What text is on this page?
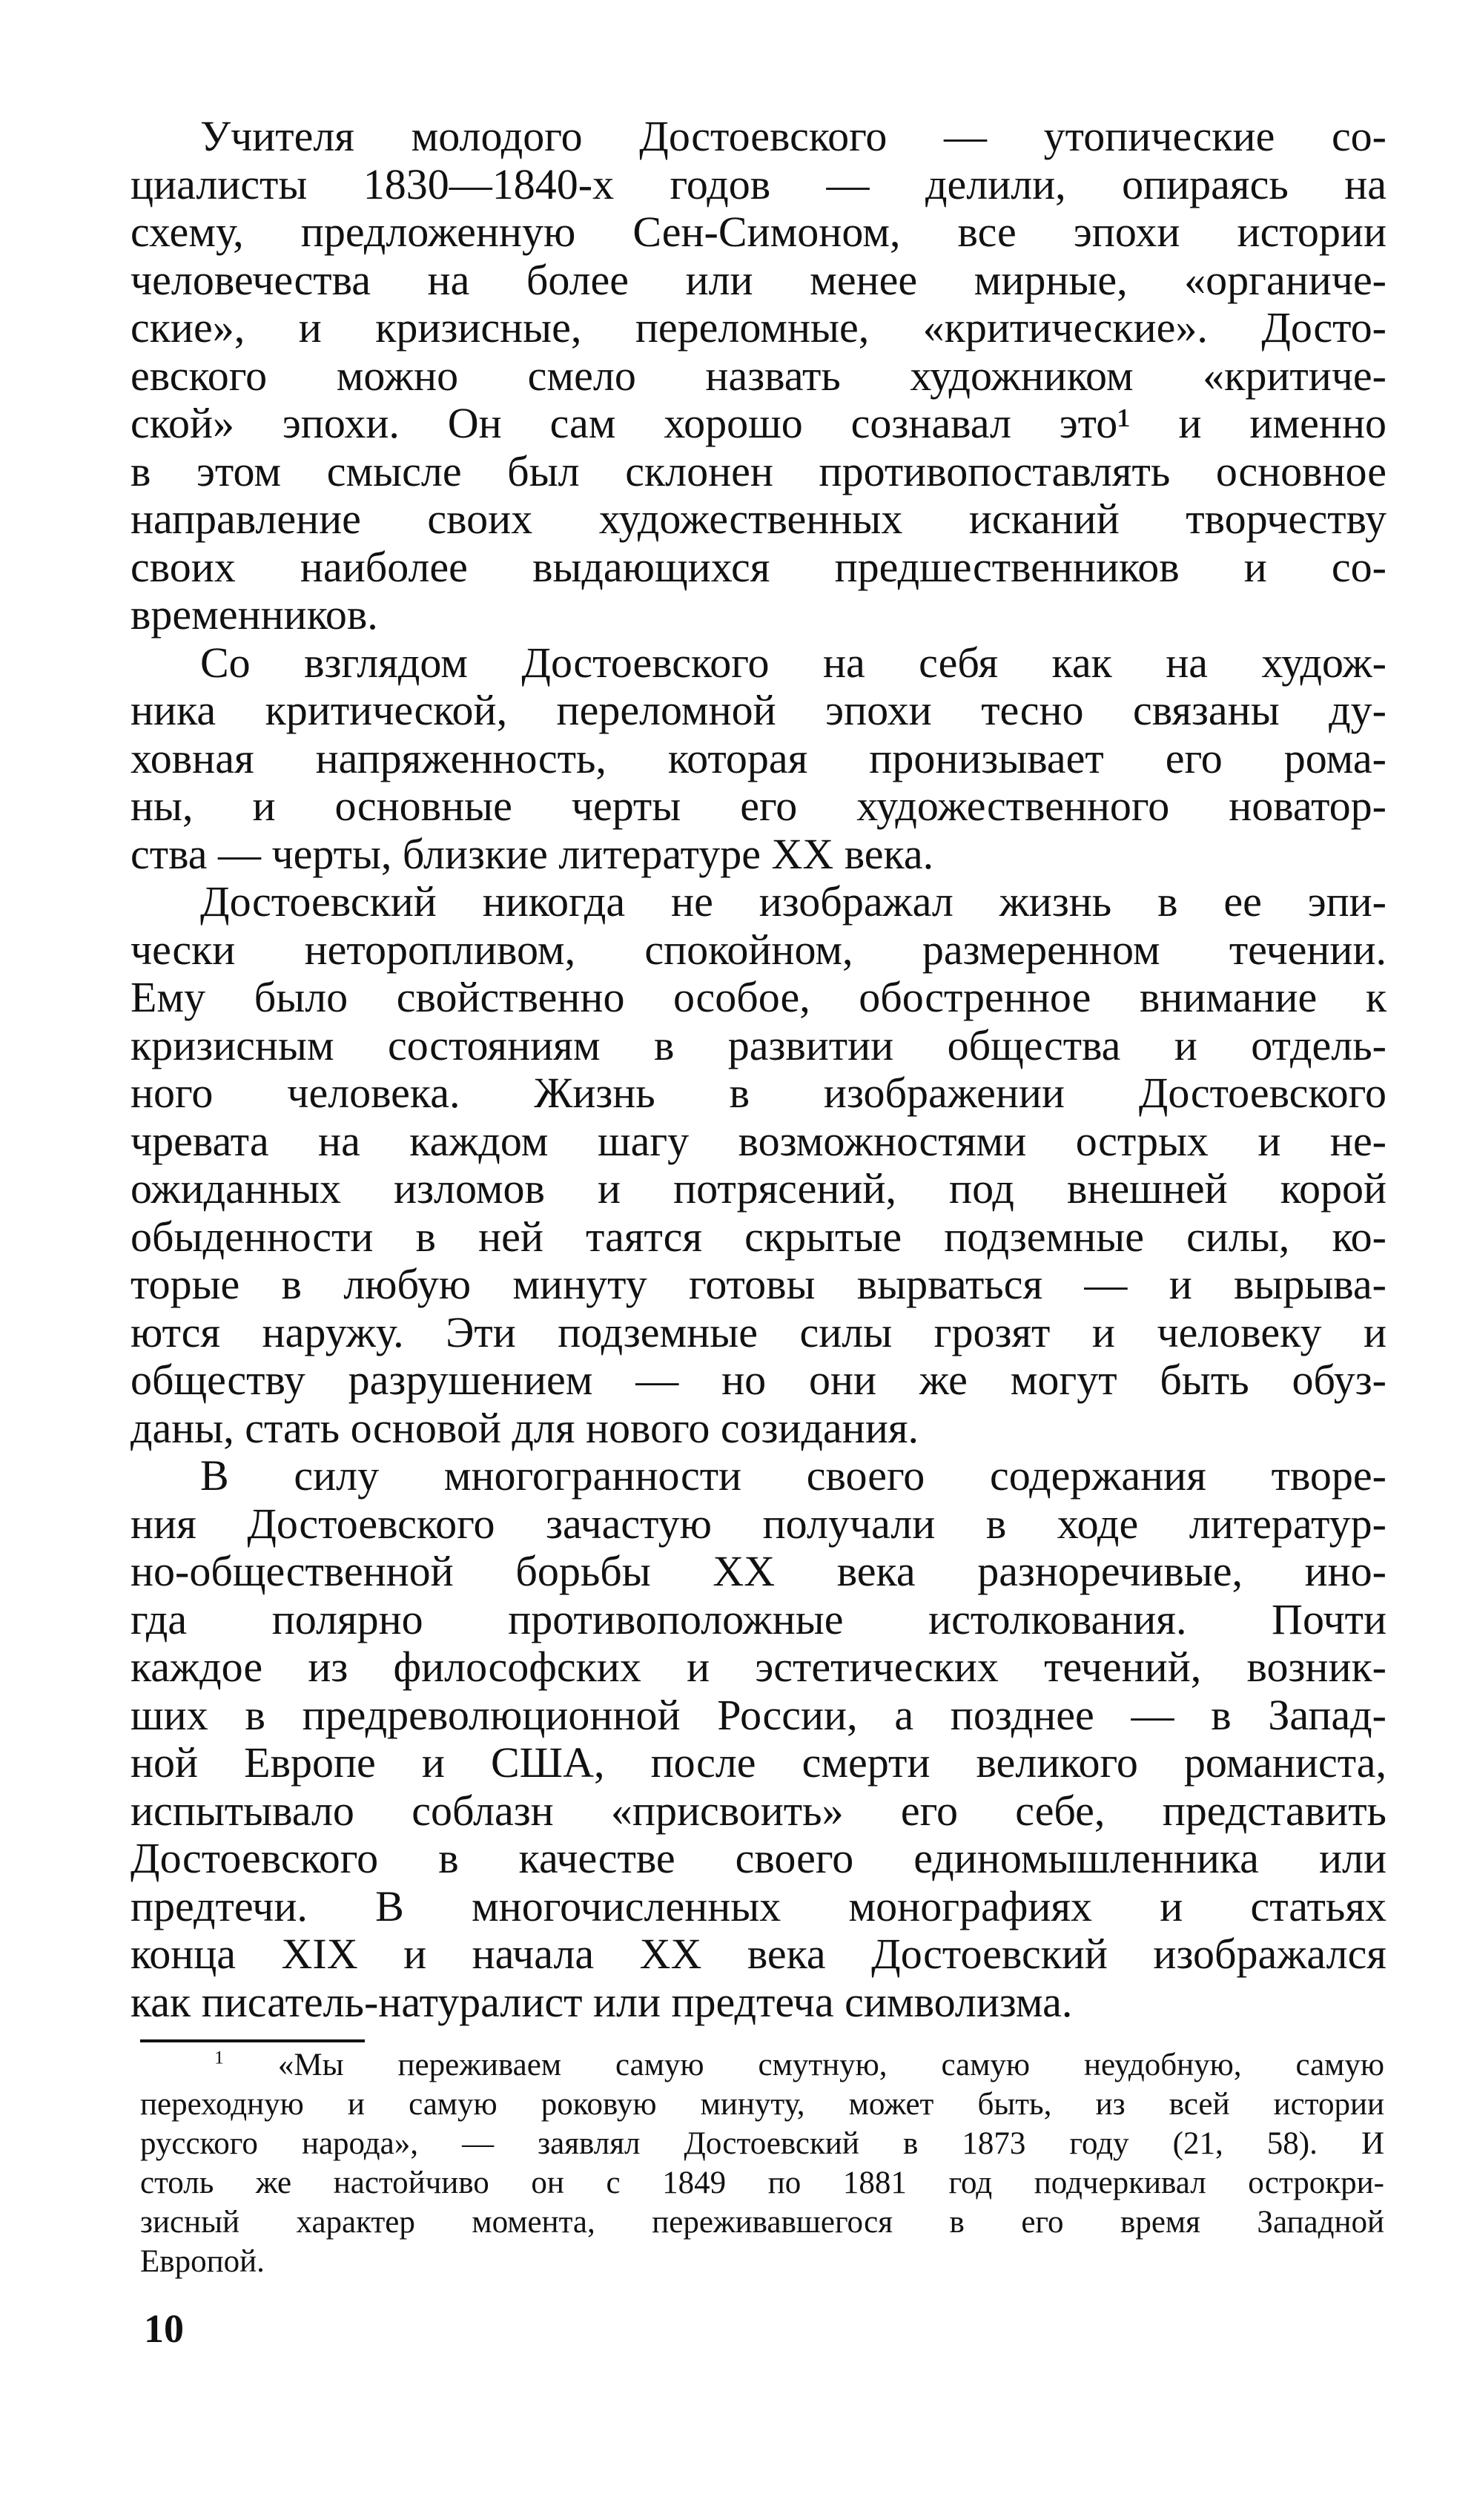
Учителя молодого Достоевского — утопические со-
циалисты 1830—1840-х годов — делили, опираясь на
схему, предложенную Сен-Симоном, все эпохи истории
человечества на более или менее мирные, «органиче-
ские», и кризисные, переломные, «критические». Досто-
евского можно смело назвать художником «критиче-
ской» эпохи. Он сам хорошо сознавал это¹ и именно
в этом смысле был склонен противопоставлять основное
направление своих художественных исканий творчеству
своих наиболее выдающихся предшественников и со-
временников.
Со взглядом Достоевского на себя как на худож-
ника критической, переломной эпохи тесно связаны ду-
ховная напряженность, которая пронизывает его рома-
ны, и основные черты его художественного новатор-
ства — черты, близкие литературе XX века.
Достоевский никогда не изображал жизнь в ее эпи-
чески неторопливом, спокойном, размеренном течении.
Ему было свойственно особое, обостренное внимание к
кризисным состояниям в развитии общества и отдель-
ного человека. Жизнь в изображении Достоевского
чревата на каждом шагу возможностями острых и не-
ожиданных изломов и потрясений, под внешней корой
обыденности в ней таятся скрытые подземные силы, ко-
торые в любую минуту готовы вырваться — и вырыва-
ются наружу. Эти подземные силы грозят и человеку и
обществу разрушением — но они же могут быть обуз-
даны, стать основой для нового созидания.
В силу многогранности своего содержания творе-
ния Достоевского зачастую получали в ходе литератур-
но-общественной борьбы XX века разноречивые, ино-
гда полярно противоположные истолкования. Почти
каждое из философских и эстетических течений, возник-
ших в предреволюционной России, а позднее — в Запад-
ной Европе и США, после смерти великого романиста,
испытывало соблазн «присвоить» его себе, представить
Достоевского в качестве своего единомышленника или
предтечи. В многочисленных монографиях и статьях
конца XIX и начала XX века Достоевский изображался
как писатель-натуралист или предтеча символизма.
$^1$ «Мы переживаем самую смутную, самую неудобную, самую
переходную и самую роковую минуту, может быть, из всей истории
русского народа», — заявлял Достоевский в 1873 году (21, 58). И
столь же настойчиво он с 1849 по 1881 год подчеркивал острокри-
зисный характер момента, переживавшегося в его время Западной
Европой.
10
